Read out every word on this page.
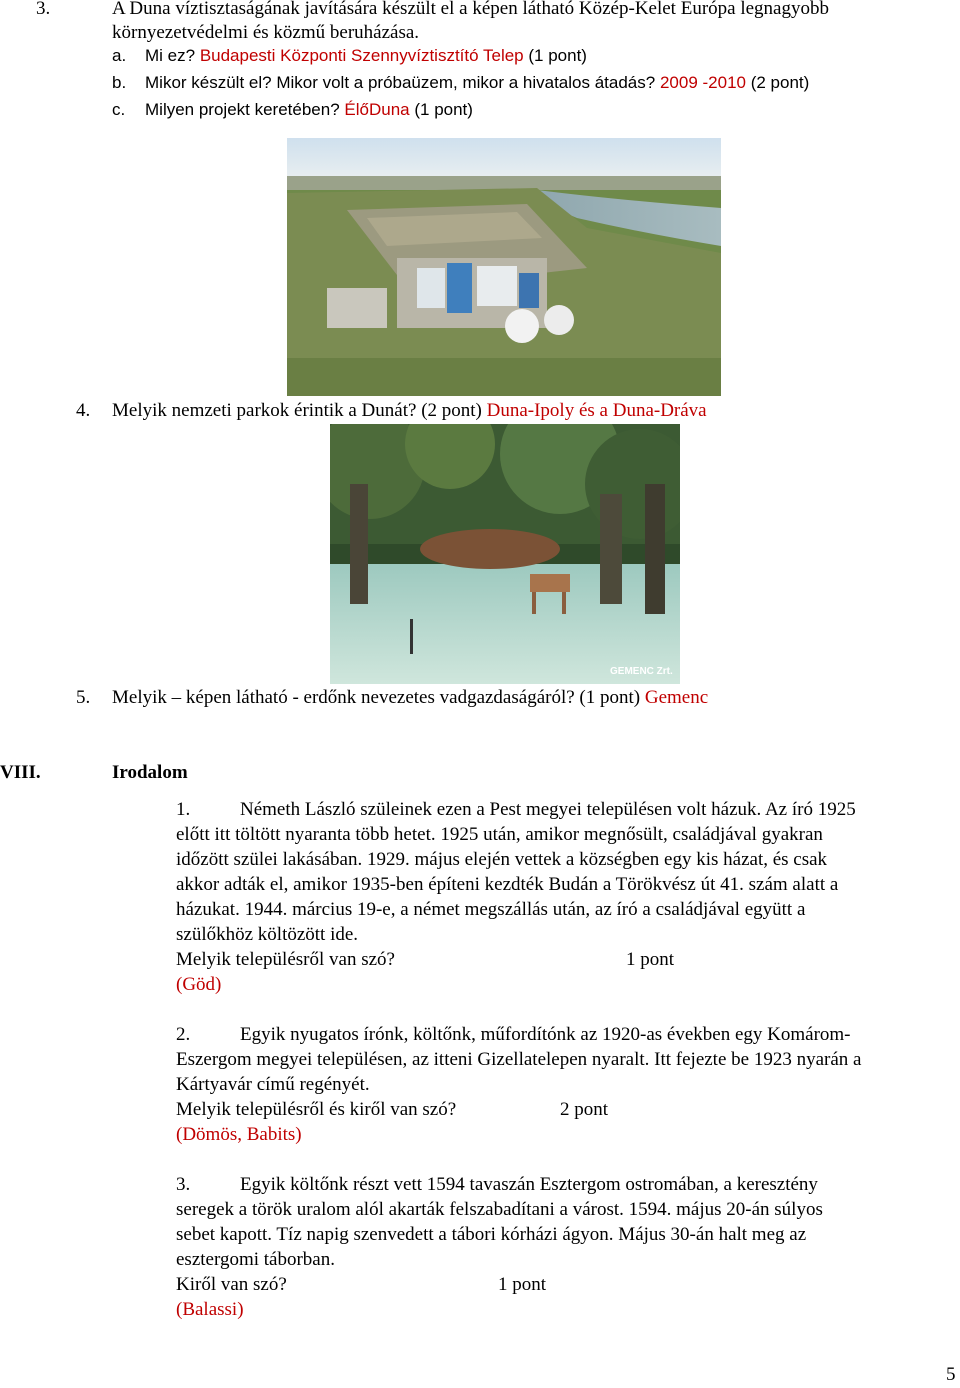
3.	A Duna víztisztaságának javítására készült el a képen látható Közép-Kelet Európa legnagyobb
környezetvédelmi és közmű beruházása.
a. Mi ez? Budapesti Központi Szennyvíztisztító Telep (1 pont)
b. Mikor készült el? Mikor volt a próbaüzem, mikor a hivatalos átadás? 2009 -2010 (2 pont)
c. Milyen projekt keretében? ÉlőDuna (1 pont)
4. Melyik nemzeti parkok érintik a Dunát? (2 pont) Duna-Ipoly és a Duna-Dráva
GEMENC Zrt.
5. Melyik – képen látható - erdőnk nevezetes vadgazdaságáról? (1 pont) Gemenc
VIII.	Irodalom
1.	Németh László szüleinek ezen a Pest megyei településen volt házuk. Az író 1925
előtt itt töltött nyaranta több hetet. 1925 után, amikor megnősült, családjával gyakran
időzött szülei lakásában. 1929. május elején vettek a községben egy kis házat, és csak
akkor adták el, amikor 1935-ben építeni kezdték Budán a Törökvész út 41. szám alatt a
házukat. 1944. március 19-e, a német megszállás után, az író a családjával együtt a
szülőkhöz költözött ide.
Melyik településről van szó?	1 pont
(Göd)
2.	Egyik nyugatos írónk, költőnk, műfordítónk az 1920-as években egy Komárom-
Eszergom megyei településen, az itteni Gizellatelepen nyaralt. Itt fejezte be 1923 nyarán a
Kártyavár című regényét.
Melyik településről és kiről van szó?	2 pont
(Dömös, Babits)
3.	Egyik költőnk részt vett 1594 tavaszán Esztergom ostromában, a keresztény
seregek a török uralom alól akarták felszabadítani a várost. 1594. május 20-án súlyos
sebet kapott. Tíz napig szenvedett a tábori kórházi ágyon. Május 30-án halt meg az
esztergomi táborban.
Kiről van szó?	1 pont
(Balassi)
5
